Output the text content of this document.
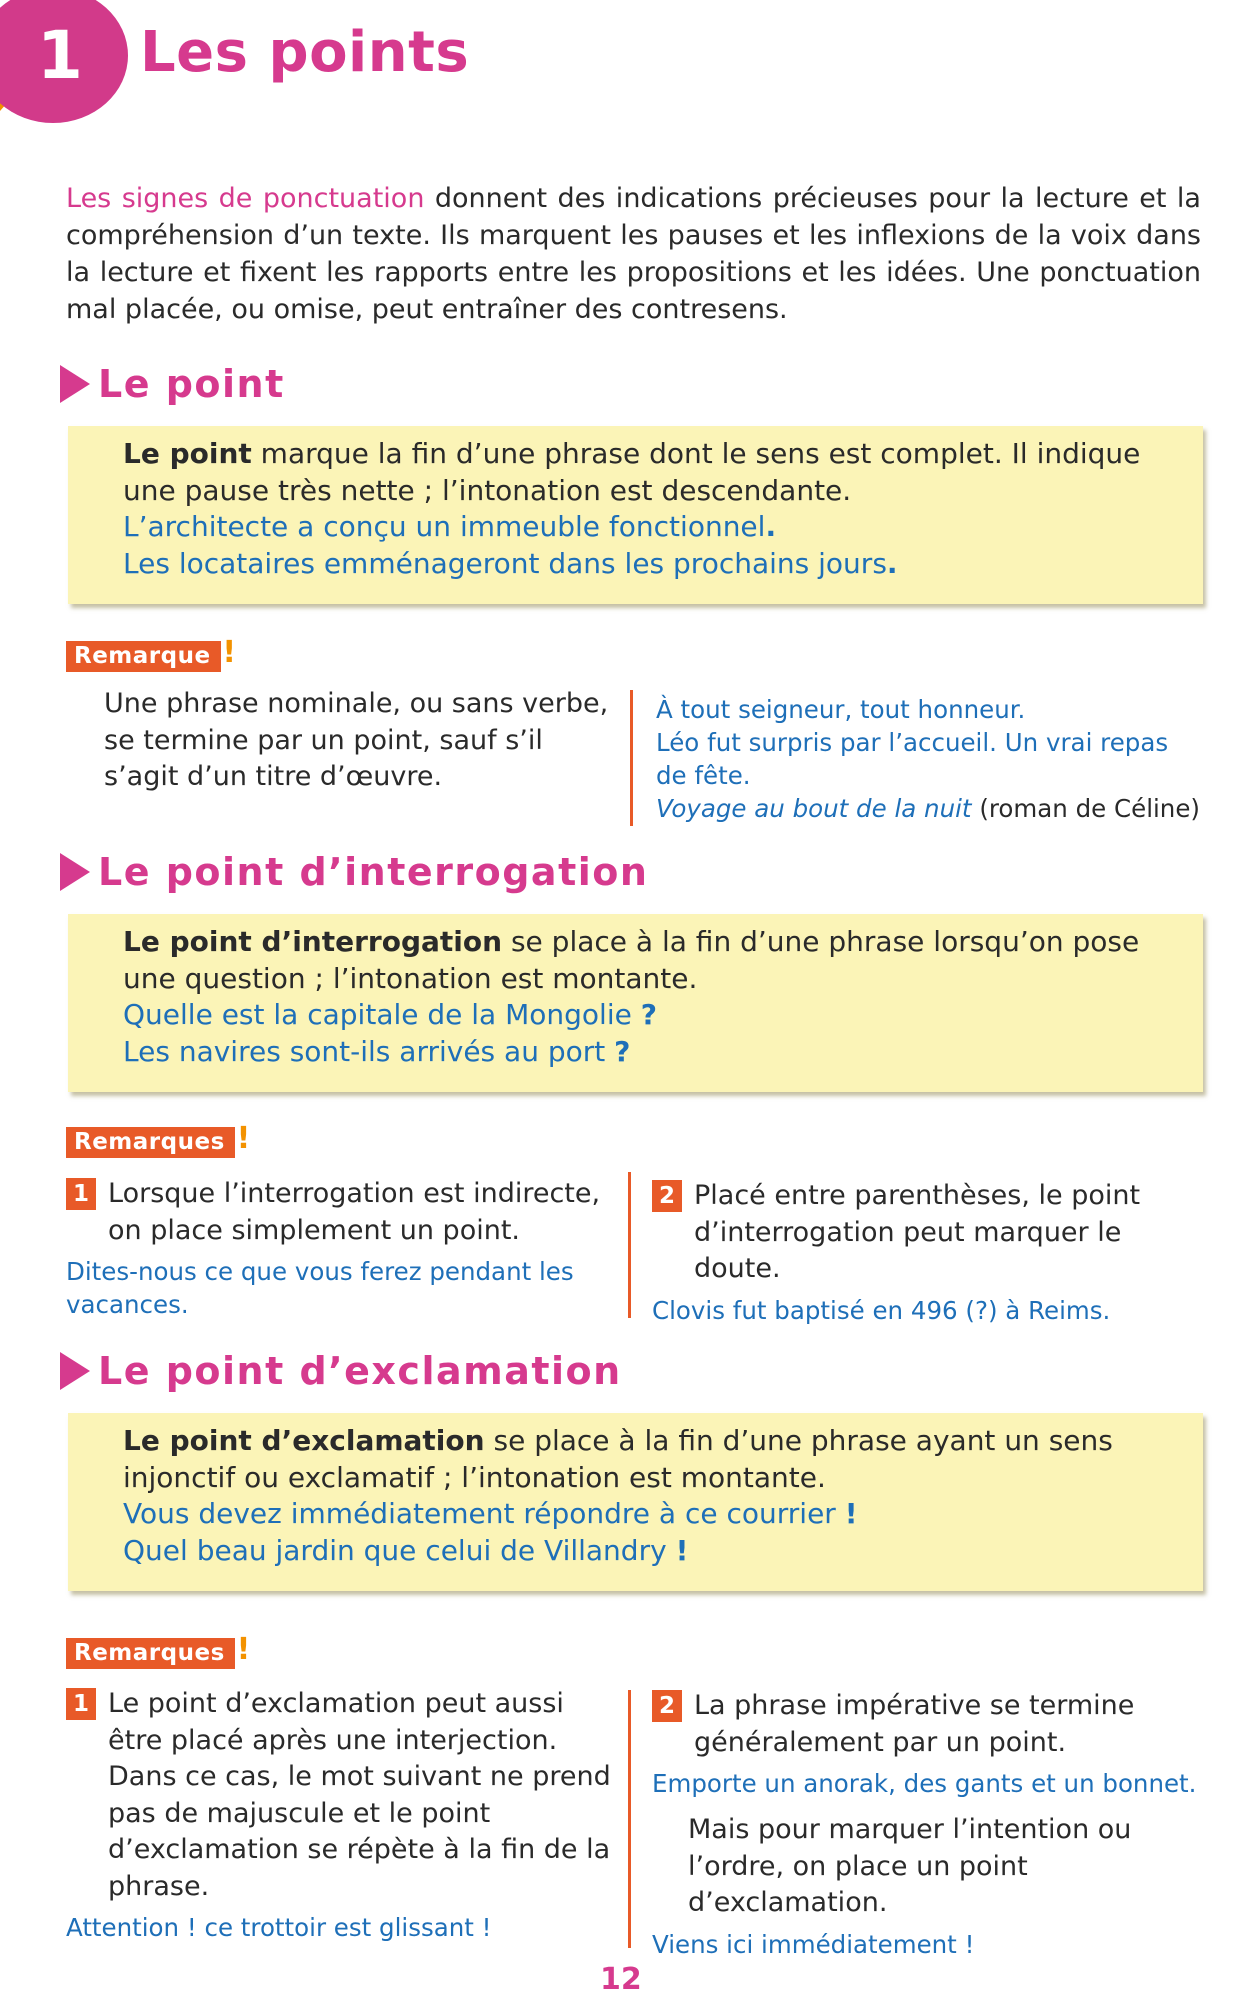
1	Les points
Les signes de ponctuation donnent des indications précieuses pour la lecture et la compréhension d’un texte. Ils marquent les pauses et les inflexions de la voix dans la lecture et fixent les rapports entre les propositions et les idées. Une ponctuation mal placée, ou omise, peut entraîner des contresens.
Le point
Le point marque la fin d’une phrase dont le sens est complet. Il indique une pause très nette ; l’intonation est descendante.
L’architecte a conçu un immeuble fonctionnel.
Les locataires emménageront dans les prochains jours.
Remarque !
Une phrase nominale, ou sans verbe, se termine par un point, sauf s’il s’agit d’un titre d’œuvre.
À tout seigneur, tout honneur.
Léo fut surpris par l’accueil. Un vrai repas de fête.
Voyage au bout de la nuit (roman de Céline)
Le point d’interrogation
Le point d’interrogation se place à la fin d’une phrase lorsqu’on pose une question ; l’intonation est montante.
Quelle est la capitale de la Mongolie ?
Les navires sont-ils arrivés au port ?
Remarques !
1 Lorsque l’interrogation est indirecte, on place simplement un point.
Dites-nous ce que vous ferez pendant les vacances.
2 Placé entre parenthèses, le point d’interrogation peut marquer le doute.
Clovis fut baptisé en 496 (?) à Reims.
Le point d’exclamation
Le point d’exclamation se place à la fin d’une phrase ayant un sens injonctif ou exclamatif ; l’intonation est montante.
Vous devez immédiatement répondre à ce courrier !
Quel beau jardin que celui de Villandry !
Remarques !
1 Le point d’exclamation peut aussi être placé après une interjection. Dans ce cas, le mot suivant ne prend pas de majuscule et le point d’exclamation se répète à la fin de la phrase.
Attention ! ce trottoir est glissant !
2 La phrase impérative se termine généralement par un point.
Emporte un anorak, des gants et un bonnet.
Mais pour marquer l’intention ou l’ordre, on place un point d’exclamation.
Viens ici immédiatement !
12
